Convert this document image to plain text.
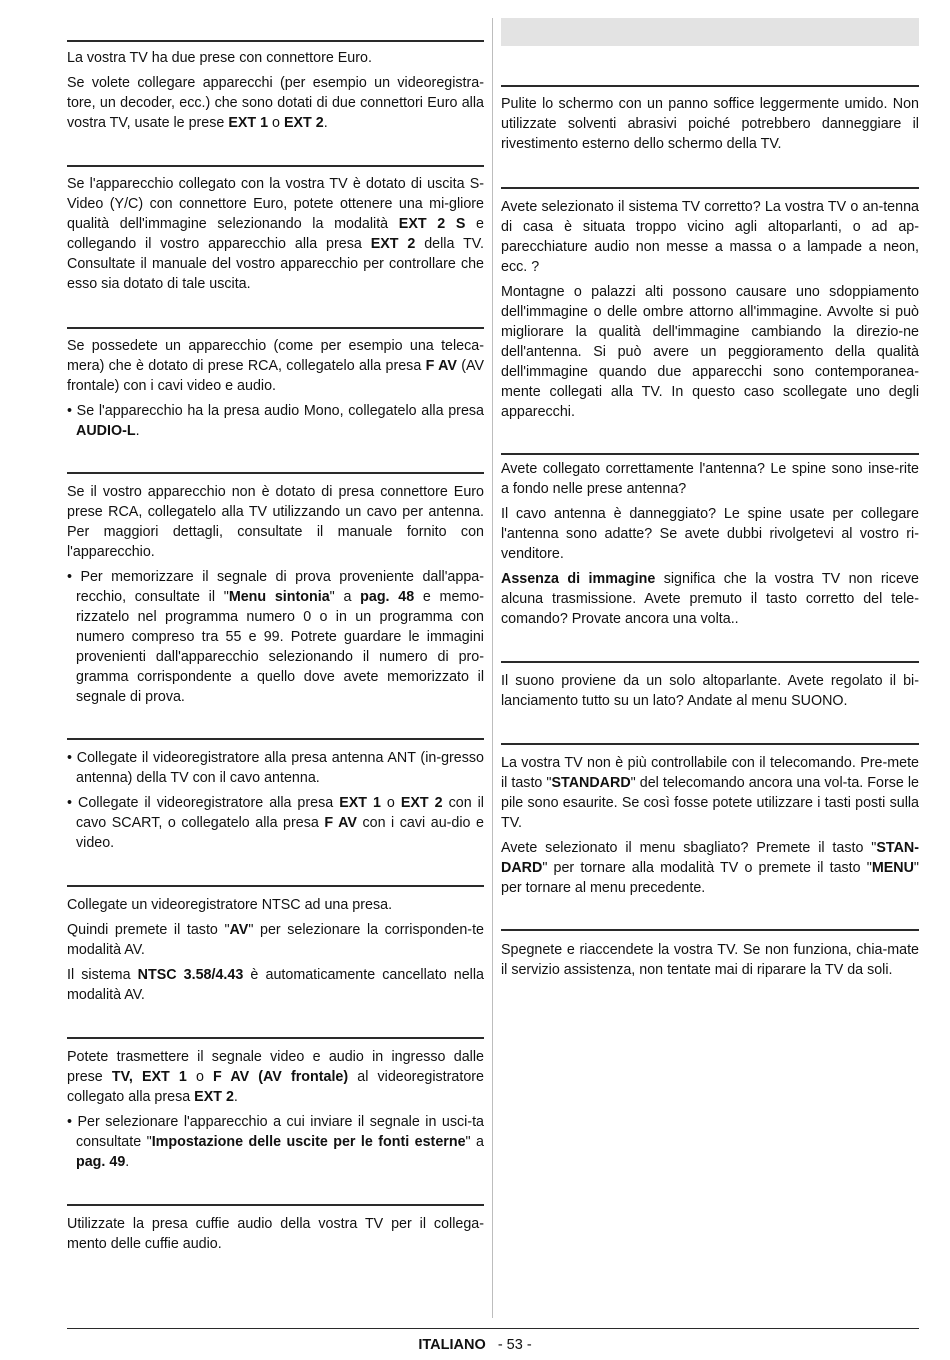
La vostra TV ha due prese con connettore Euro.

Se volete collegare apparecchi (per esempio un videoregistra-tore, un decoder, ecc.) che sono dotati di due connettori Euro alla vostra TV, usate le prese EXT 1 o EXT 2.

Se l'apparecchio collegato con la vostra TV è dotato di uscita S-Video (Y/C) con connettore Euro, potete ottenere una mi-gliore qualità dell'immagine selezionando la modalità EXT 2 S e collegando il vostro apparecchio alla presa EXT 2 della TV. Consultate il manuale del vostro apparecchio per controllare che esso sia dotato di tale uscita.

Se possedete un apparecchio (come per esempio una teleca-mera) che è dotato di prese RCA, collegatelo alla presa F AV (AV frontale) con i cavi video e audio.

• Se l'apparecchio ha la presa audio Mono, collegatelo alla presa AUDIO-L.

Se il vostro apparecchio non è dotato di presa connettore Euro prese RCA, collegatelo alla TV utilizzando un cavo per antenna. Per maggiori dettagli, consultate il manuale fornito con l'apparecchio.

• Per memorizzare il segnale di prova proveniente dall'appa-recchio, consultate il "Menu sintonia" a pag. 48 e memo-rizzatelo nel programma numero 0 o in un programma con numero compreso tra 55 e 99. Potrete guardare le immagini provenienti dall'apparecchio selezionando il numero di pro-gramma corrispondente a quello dove avete memorizzato il segnale di prova.

• Collegate il videoregistratore alla presa antenna ANT (in-gresso antenna) della TV con il cavo antenna.

• Collegate il videoregistratore alla presa EXT 1 o EXT 2 con il cavo SCART, o collegatelo alla presa F AV con i cavi au-dio e video.

Collegate un videoregistratore NTSC ad una presa.

Quindi premete il tasto "AV" per selezionare la corrisponden-te modalità AV.

Il sistema NTSC 3.58/4.43 è automaticamente cancellato nella modalità AV.

Potete trasmettere il segnale video e audio in ingresso dalle prese TV, EXT 1 o F AV (AV frontale) al videoregistratore collegato alla presa EXT 2.

• Per selezionare l'apparecchio a cui inviare il segnale in usci-ta consultate "Impostazione delle uscite per le fonti esterne" a pag. 49.

Utilizzate la presa cuffie audio della vostra TV per il collega-mento delle cuffie audio.

Pulite lo schermo con un panno soffice leggermente umido. Non utilizzate solventi abrasivi poiché potrebbero danneggiare il rivestimento esterno dello schermo della TV.

Avete selezionato il sistema TV corretto? La vostra TV o an-tenna di casa è situata troppo vicino agli altoparlanti, o ad ap-parecchiature audio non messe a massa o a lampade a neon, ecc. ?

Montagne o palazzi alti possono causare uno sdoppiamento dell'immagine o delle ombre attorno all'immagine. Avvolte si può migliorare la qualità dell'immagine cambiando la direzio-ne dell'antenna. Si può avere un peggioramento della qualità dell'immagine quando due apparecchi sono contemporanea-mente collegati alla TV. In questo caso scollegate uno degli apparecchi.

Avete collegato correttamente l'antenna? Le spine sono inse-rite a fondo nelle prese antenna?

Il cavo antenna è danneggiato? Le spine usate per collegare l'antenna sono adatte? Se avete dubbi rivolgetevi al vostro ri-venditore.

Assenza di immagine significa che la vostra TV non riceve alcuna trasmissione. Avete premuto il tasto corretto del tele-comando? Provate ancora una volta..

Il suono proviene da un solo altoparlante. Avete regolato il bi-lanciamento tutto su un lato? Andate al menu SUONO.

La vostra TV non è più controllabile con il telecomando. Pre-mete il tasto "STANDARD" del telecomando ancora una vol-ta. Forse le pile sono esaurite. Se così fosse potete utilizzare i tasti posti sulla TV.

Avete selezionato il menu sbagliato? Premete il tasto "STAN-DARD" per tornare alla modalità TV o premete il tasto "MENU" per tornare al menu precedente.

Spegnete e riaccendete la vostra TV. Se non funziona, chia-mate il servizio assistenza, non tentate mai di riparare la TV da soli.

ITALIANO - 53 -
